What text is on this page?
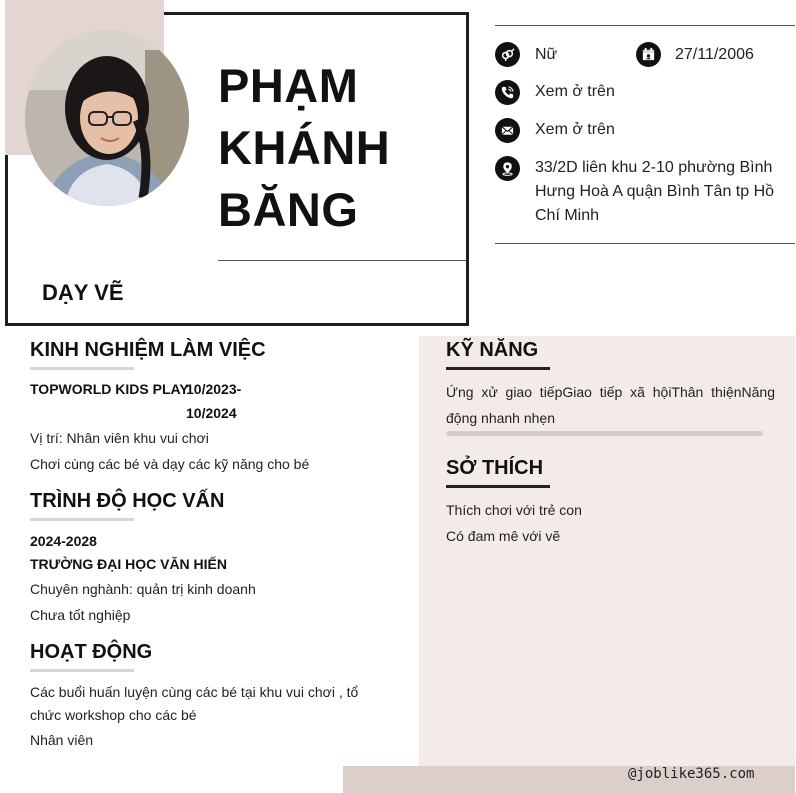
PHẠM
KHÁNH
BĂNG
DẠY VẼ
Nữ	27/11/2006
Xem ở trên
Xem ở trên
33/2D liên khu 2-10 phường Bình
Hưng Hoà A quận Bình Tân tp Hồ
Chí Minh
KINH NGHIỆM LÀM VIỆC
TOPWORLD KIDS PLAY
10/2023-
10/2024
Vị trí: Nhân viên khu vui chơi
Chơi cùng các bé và dạy các kỹ năng cho bé
TRÌNH ĐỘ HỌC VẤN
2024-2028
TRƯỜNG ĐẠI HỌC VĂN HIẾN
Chuyên nghành: quản trị kinh doanh
Chưa tốt nghiệp
HOẠT ĐỘNG
Các buổi huấn luyện cùng các bé tại khu vui chơi , tổ
chức workshop cho các bé
Nhân viên
KỸ NĂNG
Ứng xử giao tiếpGiao tiếp xã hộiThân thiệnNăng
động nhanh nhẹn
SỞ THÍCH
Thích chơi với trẻ con
Có đam mê với vẽ
@joblike365.com
